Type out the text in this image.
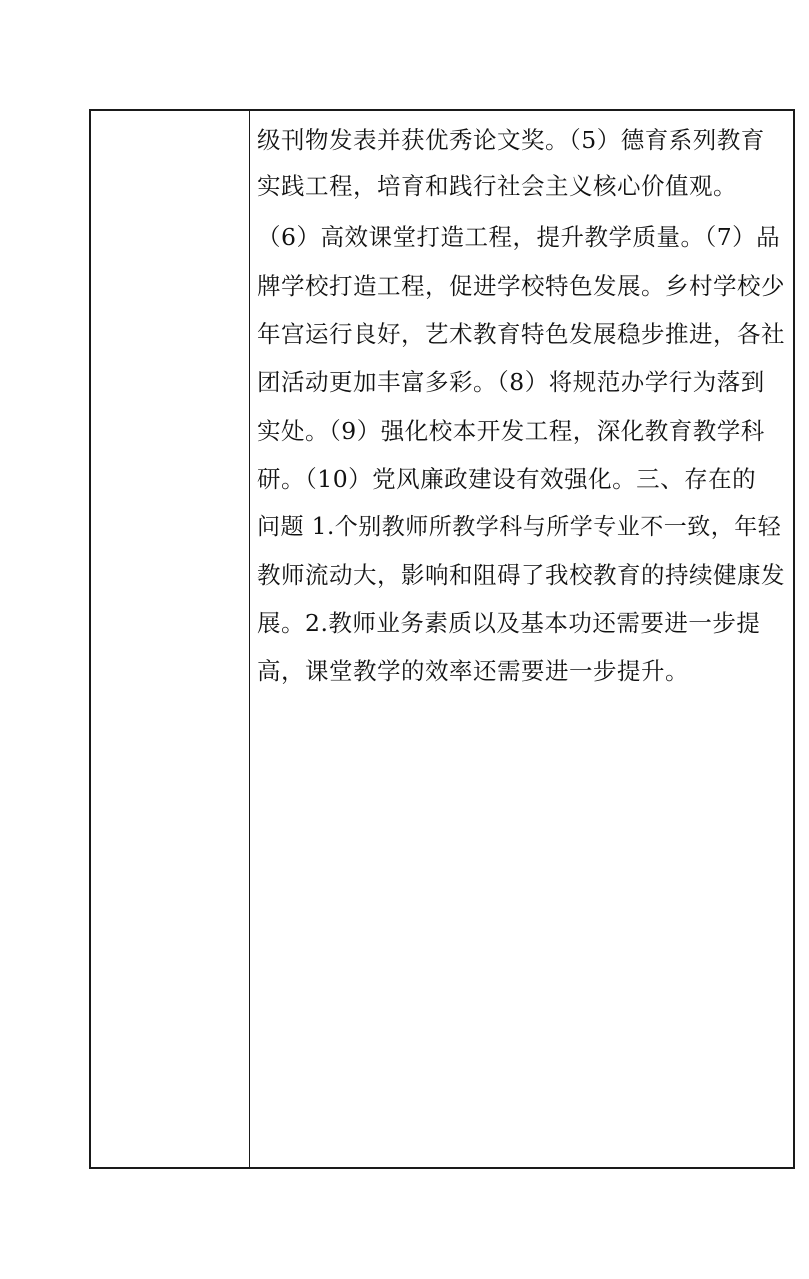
级刊物发表并获优秀论文奖。（5）德育系列教育
实践工程，培育和践行社会主义核心价值观。
（6）高效课堂打造工程，提升教学质量。（7）品
牌学校打造工程，促进学校特色发展。乡村学校少
年宫运行良好，艺术教育特色发展稳步推进，各社
团活动更加丰富多彩。（8）将规范办学行为落到
实处。（9）强化校本开发工程，深化教育教学科
研。（10）党风廉政建设有效强化。三、存在的
问题 1.个别教师所教学科与所学专业不一致，年轻
教师流动大，影响和阻碍了我校教育的持续健康发
展。2.教师业务素质以及基本功还需要进一步提
高，课堂教学的效率还需要进一步提升。
